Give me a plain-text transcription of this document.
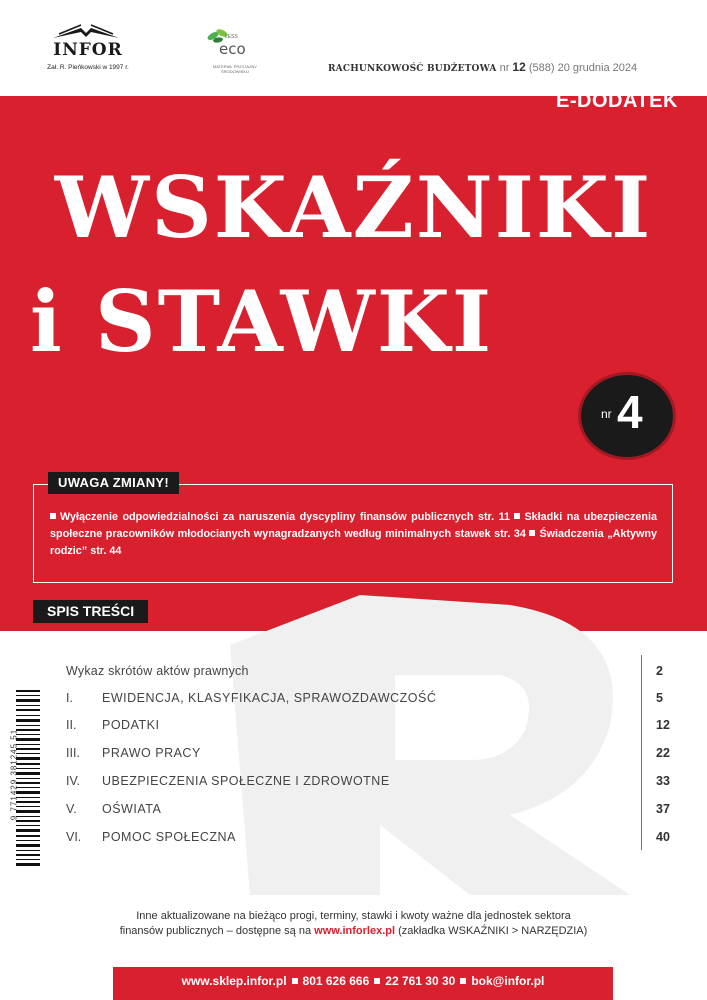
INFOR
Zał. R. Pieńkowski w 1997 r.
LESS
eco
MATERIAŁ PRZYJAZNY ŚRODOWISKU	RACHUNKOWOŚĆ BUDŻETOWA nr 12 (588) 20 grudnia 2024
E-DODATEK
WSKAŹNIKI
i STAWKI
nr 4
UWAGA ZMIANY!
Wyłączenie odpowiedzialności za naruszenia dyscypliny finansów publicznych str. 11 Składki na ubezpieczenia społeczne pracowników młodocianych wynagradzanych według minimalnych stawek str. 34 Świadczenia „Aktywny rodzic” str. 44
SPIS TREŚCI
Wykaz skrótów aktów prawnych	2
I.	EWIDENCJA, KLASYFIKACJA, SPRAWOZDAWCZOŚĆ	5
II.	PODATKI	12
III.	PRAWO PRACY	22
IV.	UBEZPIECZENIA SPOŁECZNE I ZDROWOTNE	33
V.	OŚWIATA	37
VI.	POMOC SPOŁECZNA	40
9 771429 381245 51
Inne aktualizowane na bieżąco progi, terminy, stawki i kwoty ważne dla jednostek sektora
finansów publicznych – dostępne są na www.inforlex.pl (zakładka WSKAŹNIKI > NARZĘDZIA)
www.sklep.infor.pl 801 626 666 22 761 30 30 bok@infor.pl
